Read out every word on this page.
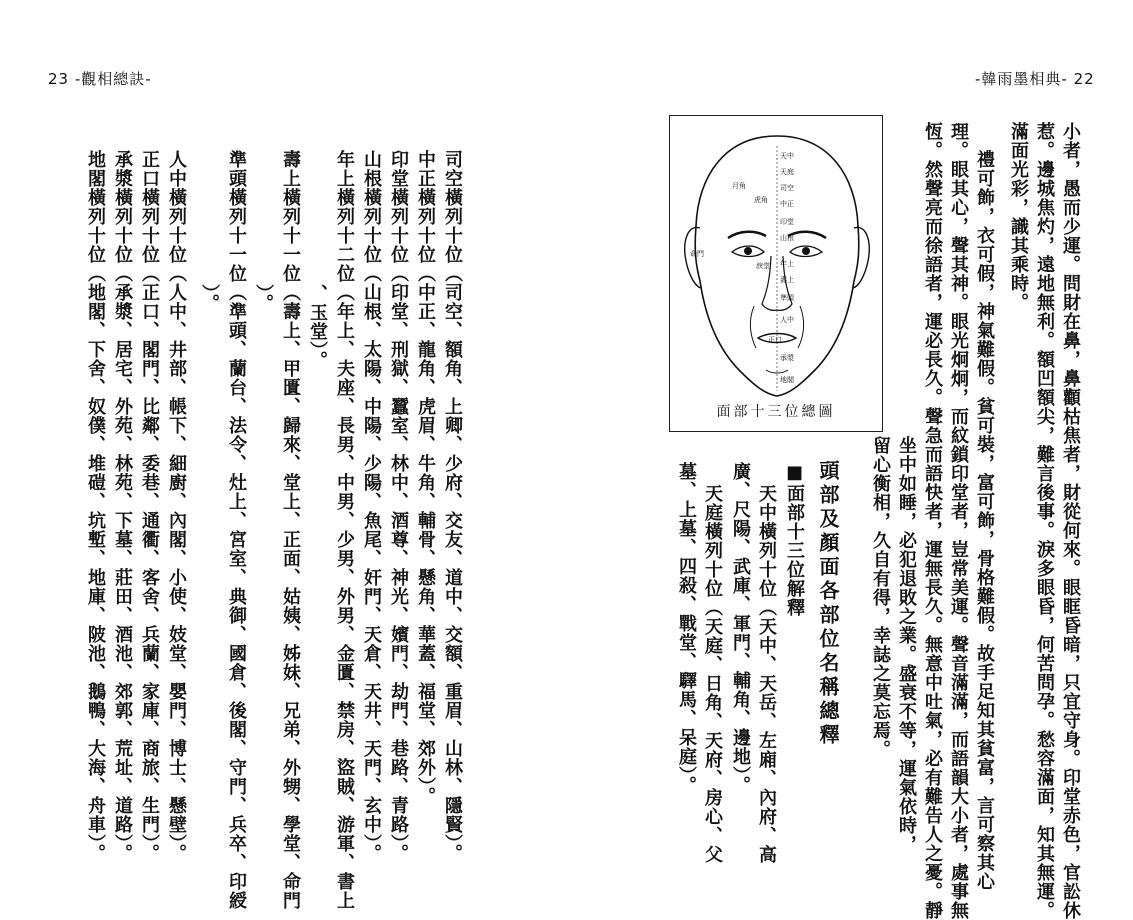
23 -觀相總訣-	-韓雨墨相典- 22
小者，愚而少運。問財在鼻，鼻顴枯焦者，財從何來。眼眶昏暗，只宜守身。印堂赤色，官訟休
惹。邊城焦灼，遠地無利。額凹額尖，難言後事。淚多眼昏，何苦問孕。愁容滿面，知其無運。
滿面光彩，識其乘時。
禮可飾，衣可假，神氣難假。貧可裝，富可飾，骨格難假。故手足知其貧富，言可察其心
理。眼其心，聲其神。眼光炯炯，而紋鎖印堂者，豈常美運。聲音滿滿，而語韻大小者，處事無
恆。然聲亮而徐語者，運必長久。聲急而語快者，運無長久。無意中吐氣，必有難告人之憂。靜
坐中如睡，必犯退敗之業。盛衰不等，運氣依時，
留心衡相，久自有得，幸誌之莫忘焉。
天中
天庭
司空
中正
印堂
山根
年上
壽上
準頭
人中
正口
承漿
地閣
月角
虎角
淚堂
命門
面部十三位總圖
頭部及顏面各部位名稱總釋
■面部十三位解釋
天中橫列十位（天中、天岳、左廂、內府、高
廣、尺陽、武庫、軍門、輔角、邊地）。
天庭橫列十位（天庭、日角、天府、房心、父
墓、上墓、四殺、戰堂、驛馬、呆庭）。
司空橫列十位（司空、額角、上卿、少府、交友、道中、交額、重眉、山林、隱賢）。
中正橫列十位（中正、龍角、虎眉、牛角、輔骨、懸角、華蓋、福堂、郊外）。
印堂橫列十位（印堂、刑獄、蠶室、林中、酒尊、神光、嬪門、劫門、巷路、青路）。
山根橫列十位（山根、太陽、中陽、少陽、魚尾、奸門、天倉、天井、天門、玄中）。
年上橫列十二位（年上、夫座、長男、中男、少男、外男、金匱、禁房、盜賊、游軍、書上
、玉堂）。
壽上橫列十一位（壽上、甲匱、歸來、堂上、正面、姑姨、姊妹、兄弟、外甥、學堂、命門
）。
準頭橫列十一位（準頭、蘭台、法令、灶上、宮室、典御、國倉、後閣、守門、兵卒、印綬
）。
人中橫列十位（人中、井部、帳下、細廚、內閣、小使、妓堂、嬰門、博士、懸壁）。
正口橫列十位（正口、閣門、比鄰、委巷、通衢、客舍、兵蘭、家庫、商旅、生門）。
承漿橫列十位（承漿、居宅、外苑、林苑、下墓、莊田、酒池、郊郭、荒址、道路）。
地閣橫列十位（地閣、下舍、奴僕、堆磑、坑塹、地庫、陂池、鵝鴨、大海、舟車）。
